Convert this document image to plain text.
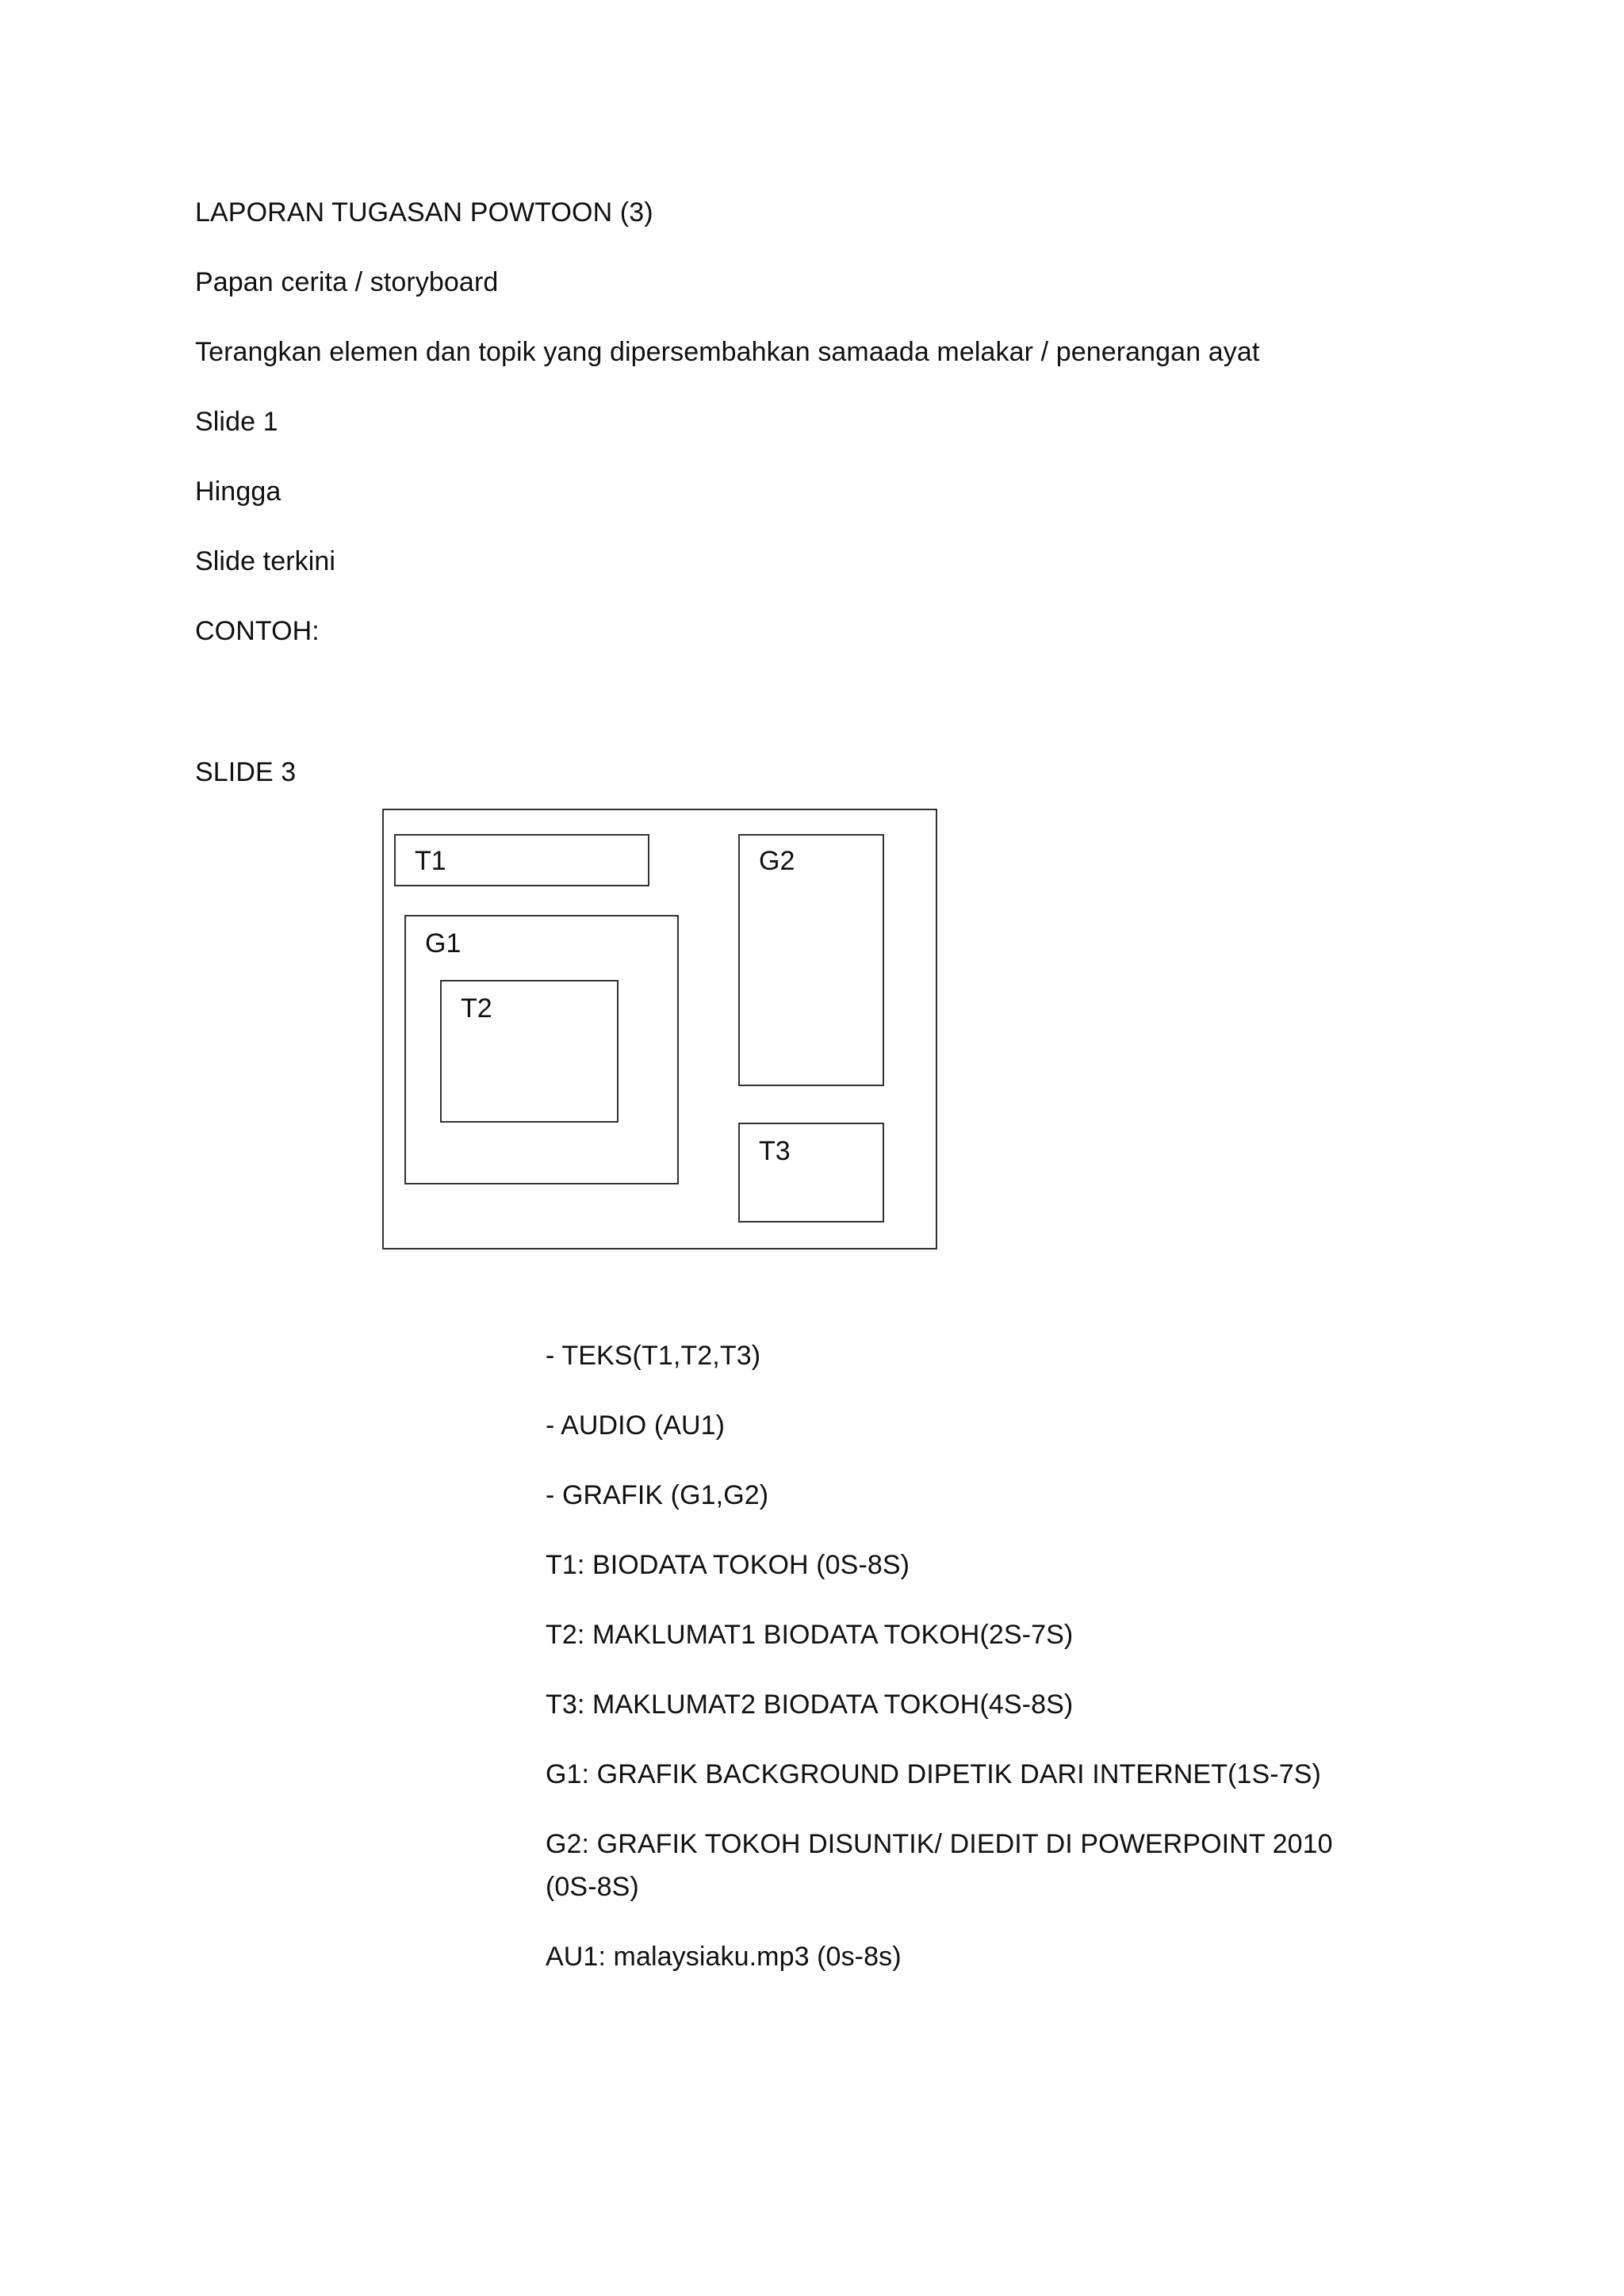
LAPORAN TUGASAN POWTOON (3)
Papan cerita / storyboard
Terangkan elemen dan topik yang dipersembahkan samaada melakar / penerangan ayat
Slide 1
Hingga
Slide terkini
CONTOH:
SLIDE 3
T1
G1
T2
G2
T3
- TEKS(T1,T2,T3)
- AUDIO (AU1)
- GRAFIK (G1,G2)
T1: BIODATA TOKOH (0S-8S)
T2: MAKLUMAT1 BIODATA TOKOH(2S-7S)
T3: MAKLUMAT2 BIODATA TOKOH(4S-8S)
G1: GRAFIK BACKGROUND DIPETIK DARI INTERNET(1S-7S)
G2: GRAFIK TOKOH DISUNTIK/ DIEDIT DI POWERPOINT 2010
(0S-8S)
AU1: malaysiaku.mp3 (0s-8s)
